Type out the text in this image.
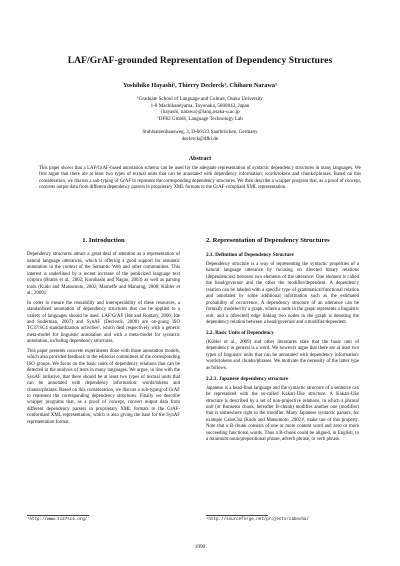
LAF/GrAF-grounded Representation of Dependency Structures
Yoshihiko Hayashi¹, Thierry Declerck¹, Chiharu Narawa¹
¹Graduate School of Language and Culture, Osaka University
1-8 Machikaneyama, Toyonaka, 5600043, Japan
{hayashi, narawa}@lang.osaka-u.ac.jp
¹DFKI GmbH, Language Technology Lab
Stuhlsatzenhausweg, 3, D-66123 Saarbrücken, Germany
declerck@dfki.de
Abstract
This paper shows that a LAF/GrAF-based annotation schema can be used for the adequate representation of syntactic dependency structures in many languages. We first argue that there are at least two types of textual units that can be annotated with dependency information: words/tokens and chunks/phrases. Based on this consideration, we discuss a sub-typing of GrAF to represent the corresponding dependency structures. We then describe a wrapper program that, as a proof of concept, converts output data from different dependency parsers in proprietary XML formats to the GrAF-compliant XML representation.
1. Introduction

Dependency structures attract a great deal of attention as a representation of natural language utterances, which is offering a good support for semantic annotation in the context of the Semantic Web and other communities. This interest is underlined by a recent increase of the publicized language text corpora (Brants et al., 2002; Kurohashi and Nagao, 2003) as well as parsing tools (Kudo and Matsumoto, 2002; Marneffe and Manning, 2008; Kübler et al., 2009).

In order to ensure the reusability and interoperability of these resources, a standardized annotation of dependency structures that can be applied to a variety of languages should be used. LAF/GrAF (Ide and Romary, 2006; Ide and Suderman, 2007) and SynAF (Declerck, 2008) are on-going ISO TC37/SC4 standardization activities¹, which deal respectively with a generic meta-model for linguistic annotation and with a meta-model for syntactic annotation, including dependency structures.

This paper presents concrete experiments done with those annotation models, which also provided feedback to the editorial committees of the corresponding ISO groups. We focus on the basic units of dependency relations that can be detected in the analysis of texts in many languages. We argue, in line with the SynAF initiative, that there should be at least two types of textual units that can be annotated with dependency information: words/tokens and chunks/phrases. Based on this consideration, we discuss a sub-typing of GrAF to represent the corresponding dependency structures. Finally we describe wrapper programs that, as a proof of concept, convert output data from different dependency parsers in proprietary XML formats to the GrAF-conformant XML representation, which is also giving the base for the SynAF representation format.

2. Representation of Dependency Structures
2.1. Definition of Dependency Structure

Dependency structure is a way of representing the syntactic properties of a natural language utterance by focusing on directed binary relations (dependencies) between two elements of the utterance: One element is called the head/governor and the other the modifier/dependent. A dependency relation can be labeled with a specific type of grammatical/functional relation and annotated by some additional information such as the estimated probability of occurrence. A dependency structure of an utterance can be formally modeled by a graph, where a node in the graph represents a linguistic unit, and a (directed) edge linking two nodes in the graph is denoting the dependency relation between a head/governor and a modifier/dependent.

2.2. Basic Units of Dependency

(Kübler et al., 2009) and other literatures state that the basic unit of dependency in general is a word. We however argue that there are at least two types of linguistic units that can be annotated with dependency information: words/tokens and chunks/phrases. We motivate the necessity of the latter type as follows.

2.2.1. Japanese dependency structure

Japanese is a head-final language and the syntactic structure of a sentence can be represented with the so-called Kakari-Uke structure. A Kakari-Uke structure is described by a set of non-projective relations, in which a phrasal unit (or Bunsetsu chunk, hereafter B-chunk) modifies another one (modifier) that is somewhere right to the modifier. Many Japanese syntactic parsers, for example CaboCha (Kudo and Matsumoto, 2002)², make use of this property. Note that a B-chunk consists of one or more content word and zero or more succeeding functional words. Thus a B-chunk could be aligned, in English, to a minimum noun/prepositional phrase, adverb phrase, or verb phrase.

¹http://www.tc37sc4.org/	²http://sourceforge.net/projects/cabocha/
1990
